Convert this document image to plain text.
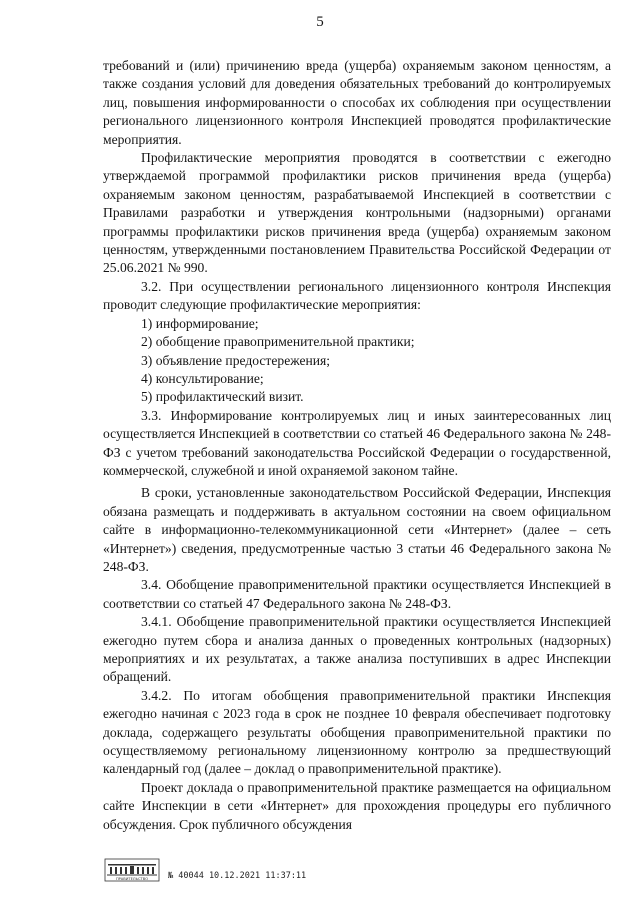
5

требований и (или) причинению вреда (ущерба) охраняемым законом ценностям, а также создания условий для доведения обязательных требований до контролируемых лиц, повышения информированности о способах их соблюдения при осуществлении регионального лицензионного контроля Инспекцией проводятся профилактические мероприятия.

Профилактические мероприятия проводятся в соответствии с ежегодно утверждаемой программой профилактики рисков причинения вреда (ущерба) охраняемым законом ценностям, разрабатываемой Инспекцией в соответствии с Правилами разработки и утверждения контрольными (надзорными) органами программы профилактики рисков причинения вреда (ущерба) охраняемым законом ценностям, утвержденными постановлением Правительства Российской Федерации от 25.06.2021 № 990.

3.2. При осуществлении регионального лицензионного контроля Инспекция проводит следующие профилактические мероприятия:

1) информирование;

2) обобщение правоприменительной практики;

3) объявление предостережения;

4) консультирование;

5) профилактический визит.

3.3. Информирование контролируемых лиц и иных заинтересованных лиц осуществляется Инспекцией в соответствии со статьей 46 Федерального закона № 248-ФЗ с учетом требований законодательства Российской Федерации о государственной, коммерческой, служебной и иной охраняемой законом тайне.

В сроки, установленные законодательством Российской Федерации, Инспекция обязана размещать и поддерживать в актуальном состоянии на своем официальном сайте в информационно-телекоммуникационной сети «Интернет» (далее – сеть «Интернет») сведения, предусмотренные частью 3 статьи 46 Федерального закона № 248-ФЗ.

3.4. Обобщение правоприменительной практики осуществляется Инспекцией в соответствии со статьей 47 Федерального закона № 248-ФЗ.

3.4.1. Обобщение правоприменительной практики осуществляется Инспекцией ежегодно путем сбора и анализа данных о проведенных контрольных (надзорных) мероприятиях и их результатах, а также анализа поступивших в адрес Инспекции обращений.

3.4.2. По итогам обобщения правоприменительной практики Инспекция ежегодно начиная с 2023 года в срок не позднее 10 февраля обеспечивает подготовку доклада, содержащего результаты обобщения правоприменительной практики по осуществляемому региональному лицензионному контролю за предшествующий календарный год (далее – доклад о правоприменительной практике).

Проект доклада о правоприменительной практике размещается на официальном сайте Инспекции в сети «Интернет» для прохождения процедуры его публичного обсуждения. Срок публичного обсуждения

ПРАВИТЕЛЬСТВО № 40044 10.12.2021 11:37:11
